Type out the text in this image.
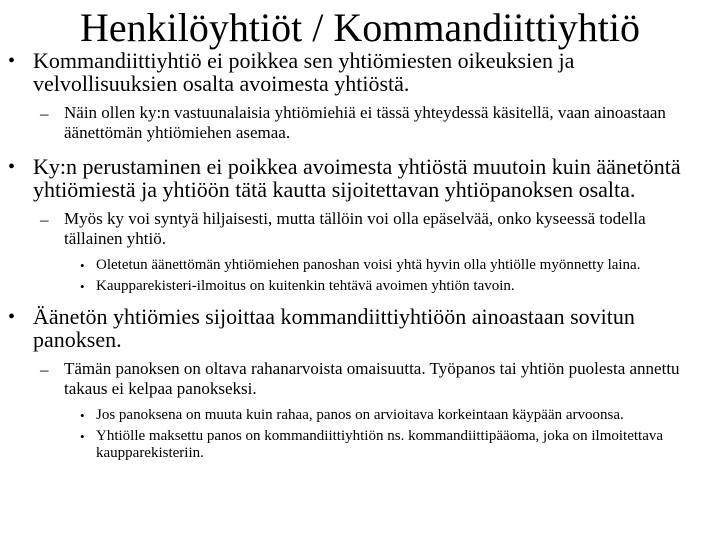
Henkilöyhtiöt / Kommandiittiyhtiö
• Kommandiittiyhtiö ei poikkea sen yhtiömiesten oikeuksien ja velvollisuuksien osalta avoimesta yhtiöstä.
– Näin ollen ky:n vastuunalaisia yhtiömiehiä ei tässä yhteydessä käsitellä, vaan ainoastaan äänettömän yhtiömiehen asemaa.
• Ky:n perustaminen ei poikkea avoimesta yhtiöstä muutoin kuin äänetöntä yhtiömiestä ja yhtiöön tätä kautta sijoitettavan yhtiöpanoksen osalta.
– Myös ky voi syntyä hiljaisesti, mutta tällöin voi olla epäselvää, onko kyseessä todella tällainen yhtiö.
• Oletetun äänettömän yhtiömiehen panoshan voisi yhtä hyvin olla yhtiölle myönnetty laina.
• Kaupparekisteri-ilmoitus on kuitenkin tehtävä avoimen yhtiön tavoin.
• Äänetön yhtiömies sijoittaa kommandiittiyhtiöön ainoastaan sovitun panoksen.
– Tämän panoksen on oltava rahanarvoista omaisuutta. Työpanos tai yhtiön puolesta annettu takaus ei kelpaa panokseksi.
• Jos panoksena on muuta kuin rahaa, panos on arvioitava korkeintaan käypään arvoonsa.
• Yhtiölle maksettu panos on kommandiittiyhtiön ns. kommandiittipääoma, joka on ilmoitettava kaupparekisteriin.
